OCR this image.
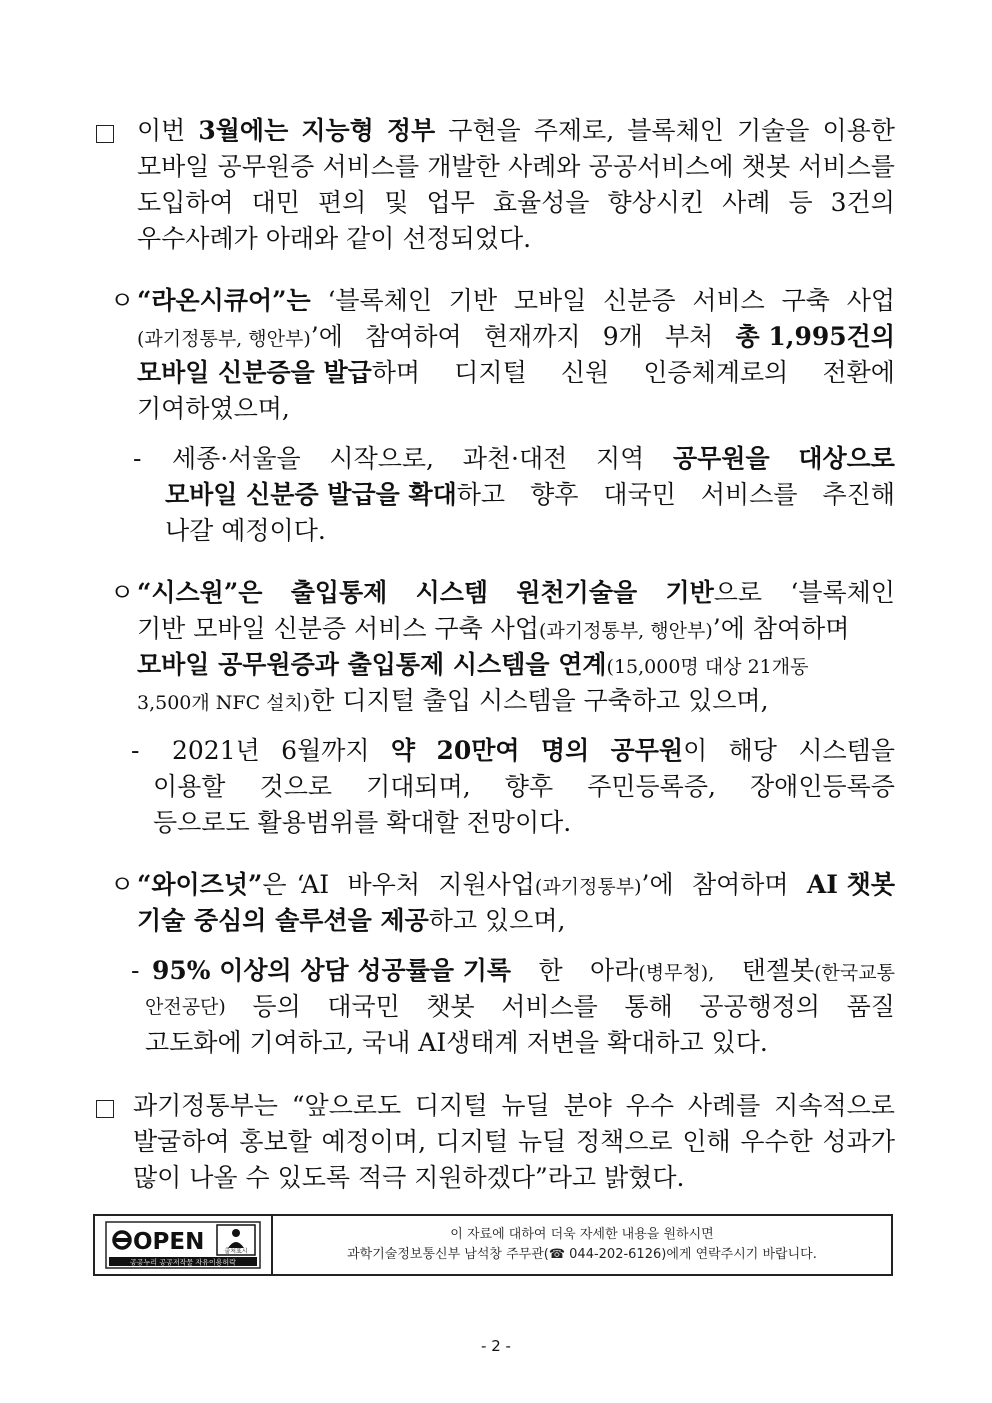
이번 3월에는 지능형 정부 구현을 주제로, 블록체인 기술을 이용한
모바일 공무원증 서비스를 개발한 사례와 공공서비스에 챗봇 서비스를
도입하여 대민 편의 및 업무 효율성을 향상시킨 사례 등 3건의
우수사례가 아래와 같이 선정되었다.
ㅇ “라온시큐어”는 ‘블록체인 기반 모바일 신분증 서비스 구축 사업
(과기정통부, 행안부)’에 참여하여 현재까지 9개 부처 총 1,995건의
모바일 신분증을 발급하며 디지털 신원 인증체계로의 전환에
기여하였으며,
- 세종·서울을 시작으로, 과천·대전 지역 공무원을 대상으로
모바일 신분증 발급을 확대하고 향후 대국민 서비스를 추진해
나갈 예정이다.
ㅇ “시스원”은 출입통제 시스템 원천기술을 기반으로 ‘블록체인
기반 모바일 신분증 서비스 구축 사업(과기정통부, 행안부)’에 참여하며
모바일 공무원증과 출입통제 시스템을 연계(15,000명 대상 21개동
3,500개 NFC 설치)한 디지털 출입 시스템을 구축하고 있으며,
- 2021년 6월까지 약 20만여 명의 공무원이 해당 시스템을
이용할 것으로 기대되며, 향후 주민등록증, 장애인등록증
등으로도 활용범위를 확대할 전망이다.
ㅇ “와이즈넛” 은 ‘AI 바우처 지원사업(과기정통부)’에 참여하며 AI 챗봇
기술 중심의 솔루션을 제공하고 있으며,
- 95% 이상의 상담 성공률을 기록 한 아라(병무청), 탠젤봇(한국교통
안전공단) 등의 대국민 챗봇 서비스를 통해 공공행정의 품질
고도화에 기여하고, 국내 AI생태계 저변을 확대하고 있다.
과기정통부는 “앞으로도 디지털 뉴딜 분야 우수 사례를 지속적으로
발굴하여 홍보할 예정이며, 디지털 뉴딜 정책으로 인해 우수한 성과가
많이 나올 수 있도록 적극 지원하겠다”라고 밝혔다.
OPEN	출처표시
공공누리 공공저작물 자유이용허락
이 자료에 대하여 더욱 자세한 내용을 원하시면
과학기술정보통신부 남석창 주무관(☎ 044-202-6126)에게 연락주시기 바랍니다.
- 2 -
